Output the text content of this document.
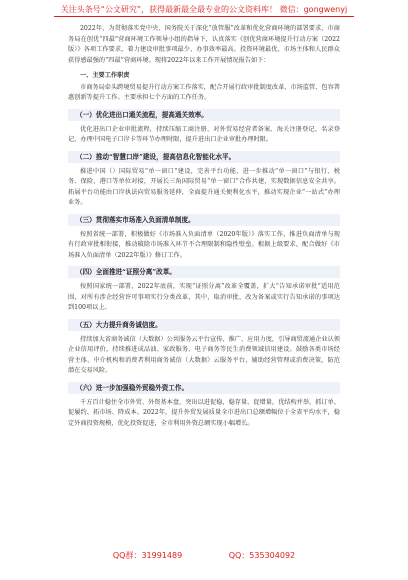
关注头条号“公文研究”，获得最新最全最专业的公文资料库！ 微信：gongwenyj

2022年，为贯彻落实党中央、国务院关于深化“放管服”改革和优化营商环境的部署要求，市商务局在创优“四最”营商环境工作领导小组的指导下，认真落实《创优营商环境提升行动方案（2022版）》各项工作要求，着力建设审批事项最少、办事效率最高、投资环境最优、市场主体和人民群众获得感最强的“四最”营商环境。现将2022年以来工作开展情况报告如下：

一、主要工作职责

市商务局牵头跨境贸易提升行动方案工作落实，配合开展行政审批制度改革、市场监管、包容普惠创新等提升工作。主要承担七个方面的工作任务。

（一）优化进出口通关流程，提高通关效率。

优化进出口企业审批流程，持续压缩工商注册、对外贸易经营者备案、海关注册登记、名录登记、办理中国电子口岸卡等环节办理时限，提升进出口企业审批办理时限。

（二）推动“智慧口岸”建设，提高信息化智能化水平。

推进中国（）国际贸易“单一窗口”建设，完善平台功能，进一步推动“单一窗口”与银行、税务、保险、港口等单位对接，开展长三角国际贸易“单一窗口”合作共建，实现数据信息安全共享。拓展平台功能由口岸执法向贸易服务延伸，全面提升通关便利化水平，推动实现企业“一站式”办理业务。

（三）贯彻落实市场准入负面清单制度。

按照省统一部署，积极做好《市场准入负面清单（2020年版）》落实工作，推进负面清单与现有行政审批相衔接，推动破除市场准入环节不合理限制和隐性壁垒。根据上级要求，配合做好《市场准入负面清单（2022年版）》修订工作。

（四）全面推进“证照分离”改革。

按照国家统一部署，2022年底前，实现“证照分离”改革全覆盖，扩大“告知承诺审批”适用范围，对所有涉企经营许可事项实行分类改革，其中，取消审批、改为备案或实行告知承诺的事项达到100项以上。

（五）大力提升商务诚信度。

持续加大省商务诚信（大数据）公共服务云平台宣传、推广、应用力度，引导商贸流通企业认领企业信用评价，持续推进成品油、家政服务、电子商务等民生消费领域信用建设。鼓励各类市场经营主体、中介机构和消费者利用商务诚信（大数据）云服务平台，辅助经营管理或消费决策，防范潜在交易风险。

（六）进一步加强稳外贸稳外资工作。

千方百计稳住全市外贸、外资基本盘，突出以进促稳，稳存量、促增量，优结构并举，抓订单、促履约、拓市场、降成本。2022年，提升外贸发展质量全市进出口总额增幅位于全省平均水平，稳定外商投资规模，优化投资促进，全市利用外资总额实现小幅增长。

QQ群：31991489	QQ：535304092
